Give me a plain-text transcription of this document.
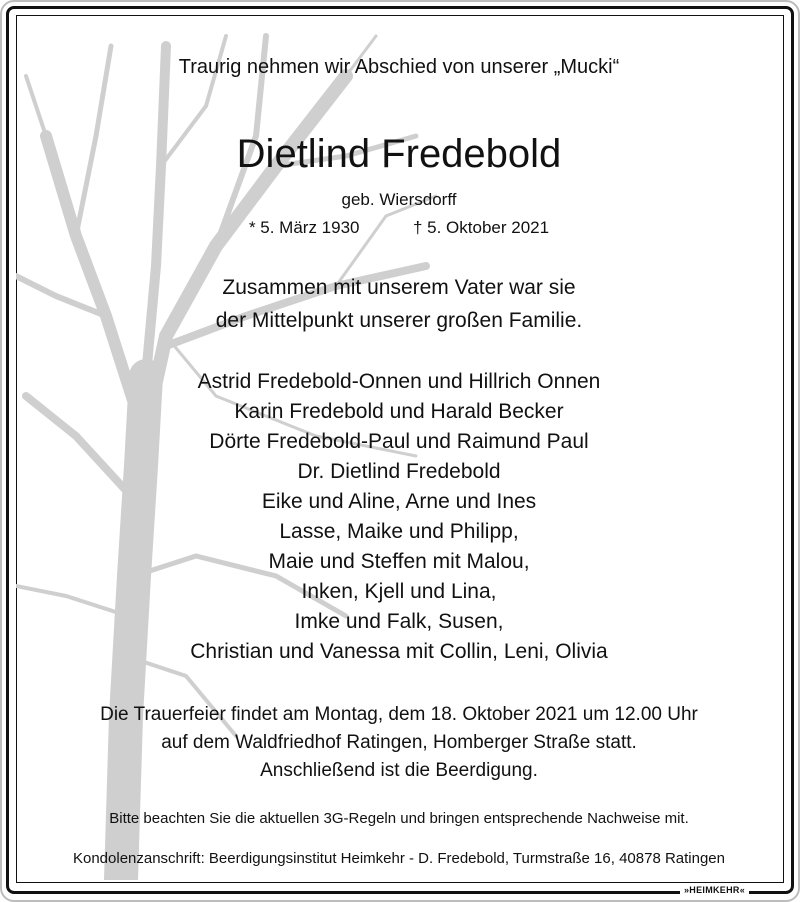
Traurig nehmen wir Abschied von unserer „Mucki“
Dietlind Fredebold
geb. Wiersdorff
* 5. März 1930	† 5. Oktober 2021
Zusammen mit unserem Vater war sie
der Mittelpunkt unserer großen Familie.
Astrid Fredebold-Onnen und Hillrich Onnen
Karin Fredebold und Harald Becker
Dörte Fredebold-Paul und Raimund Paul
Dr. Dietlind Fredebold
Eike und Aline, Arne und Ines
Lasse, Maike und Philipp,
Maie und Steffen mit Malou,
Inken, Kjell und Lina,
Imke und Falk, Susen,
Christian und Vanessa mit Collin, Leni, Olivia
Die Trauerfeier findet am Montag, dem 18. Oktober 2021 um 12.00 Uhr
auf dem Waldfriedhof Ratingen, Homberger Straße statt.
Anschließend ist die Beerdigung.
Bitte beachten Sie die aktuellen 3G-Regeln und bringen entsprechende Nachweise mit.
Kondolenzanschrift: Beerdigungsinstitut Heimkehr - D. Fredebold, Turmstraße 16, 40878 Ratingen
»HEIMKEHR«
